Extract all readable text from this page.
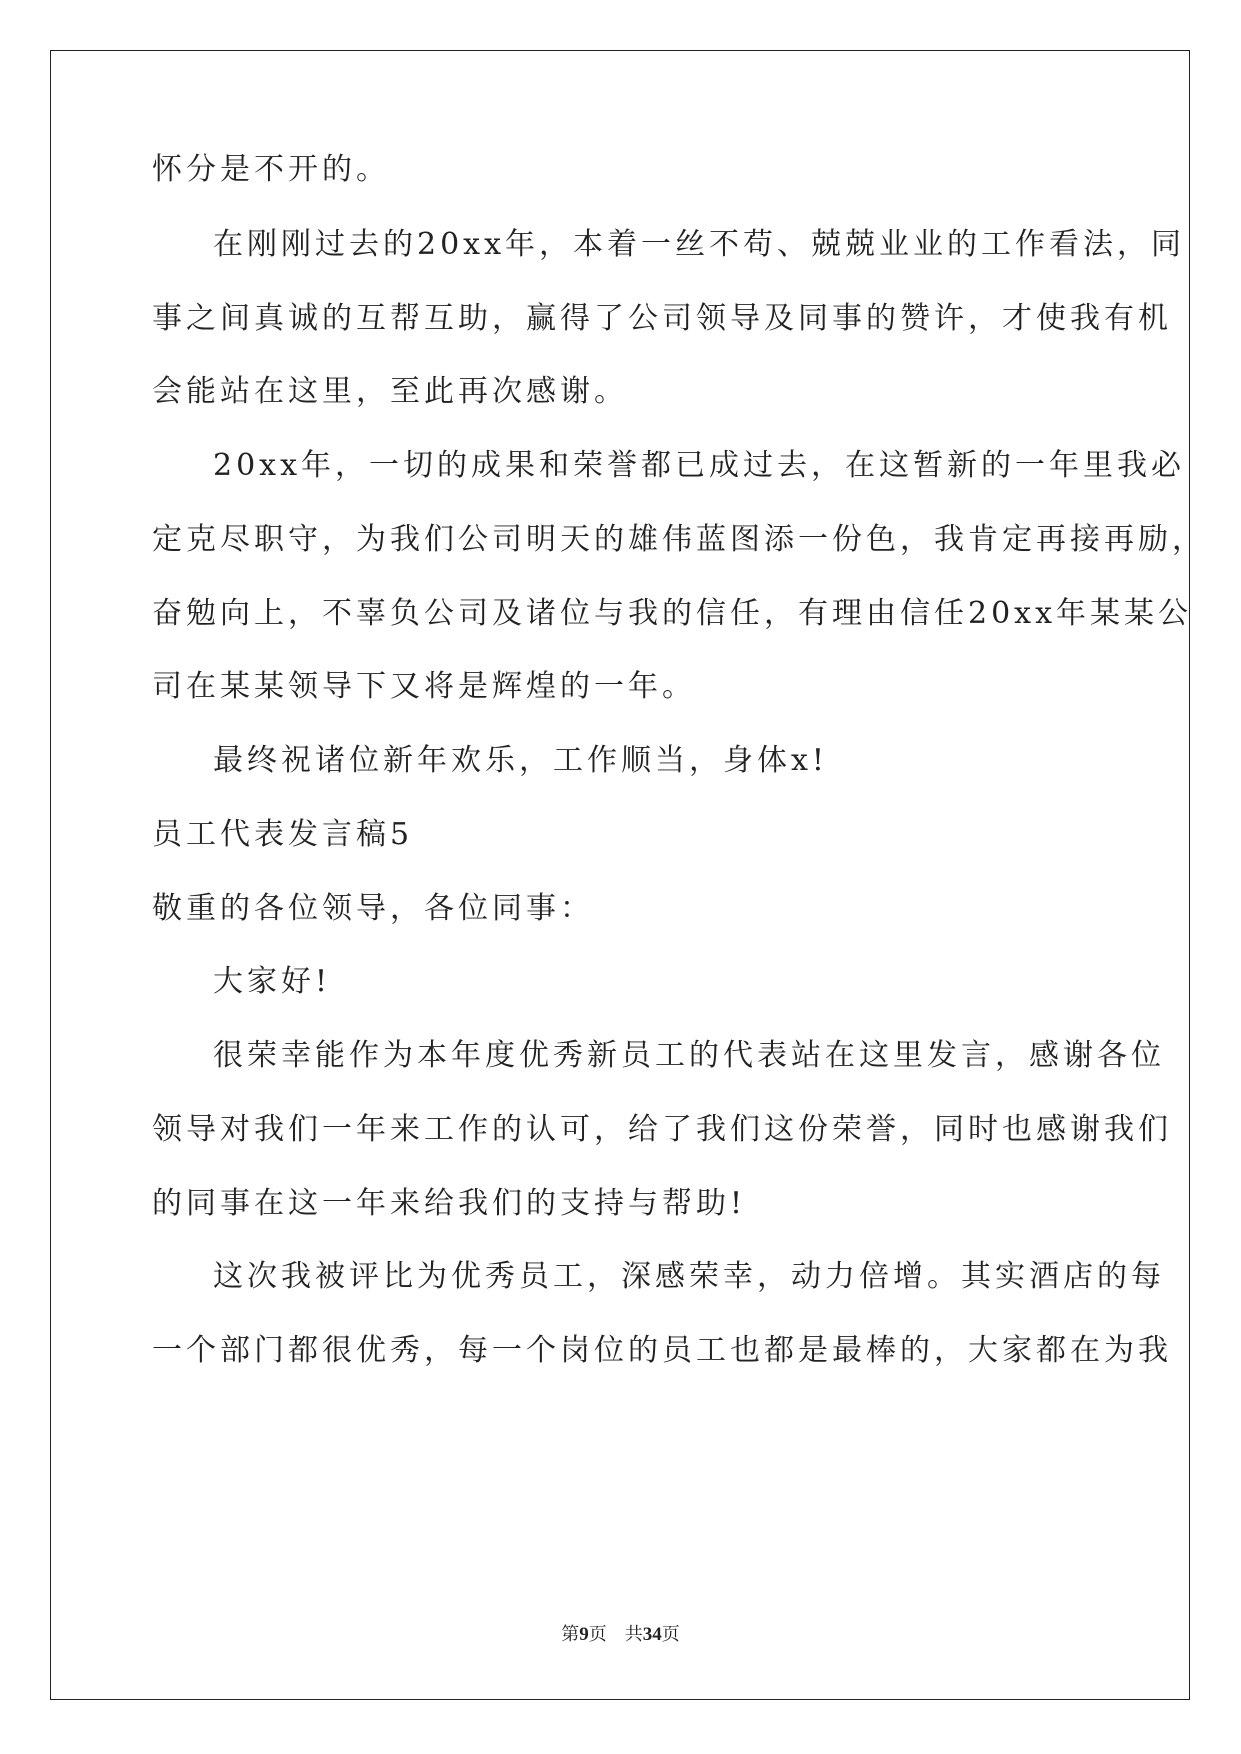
怀分是不开的。
在刚刚过去的20xx年，本着一丝不苟、兢兢业业的工作看法，同
事之间真诚的互帮互助，赢得了公司领导及同事的赞许，才使我有机
会能站在这里，至此再次感谢。
20xx年，一切的成果和荣誉都已成过去，在这暂新的一年里我必
定克尽职守，为我们公司明天的雄伟蓝图添一份色，我肯定再接再励，
奋勉向上，不辜负公司及诸位与我的信任，有理由信任20xx年某某公
司在某某领导下又将是辉煌的一年。
最终祝诸位新年欢乐，工作顺当，身体x!
员工代表发言稿5
敬重的各位领导，各位同事：
大家好!
很荣幸能作为本年度优秀新员工的代表站在这里发言，感谢各位
领导对我们一年来工作的认可，给了我们这份荣誉，同时也感谢我们
的同事在这一年来给我们的支持与帮助!
这次我被评比为优秀员工，深感荣幸，动力倍增。其实酒店的每
一个部门都很优秀，每一个岗位的员工也都是最棒的，大家都在为我
第9页　共34页
